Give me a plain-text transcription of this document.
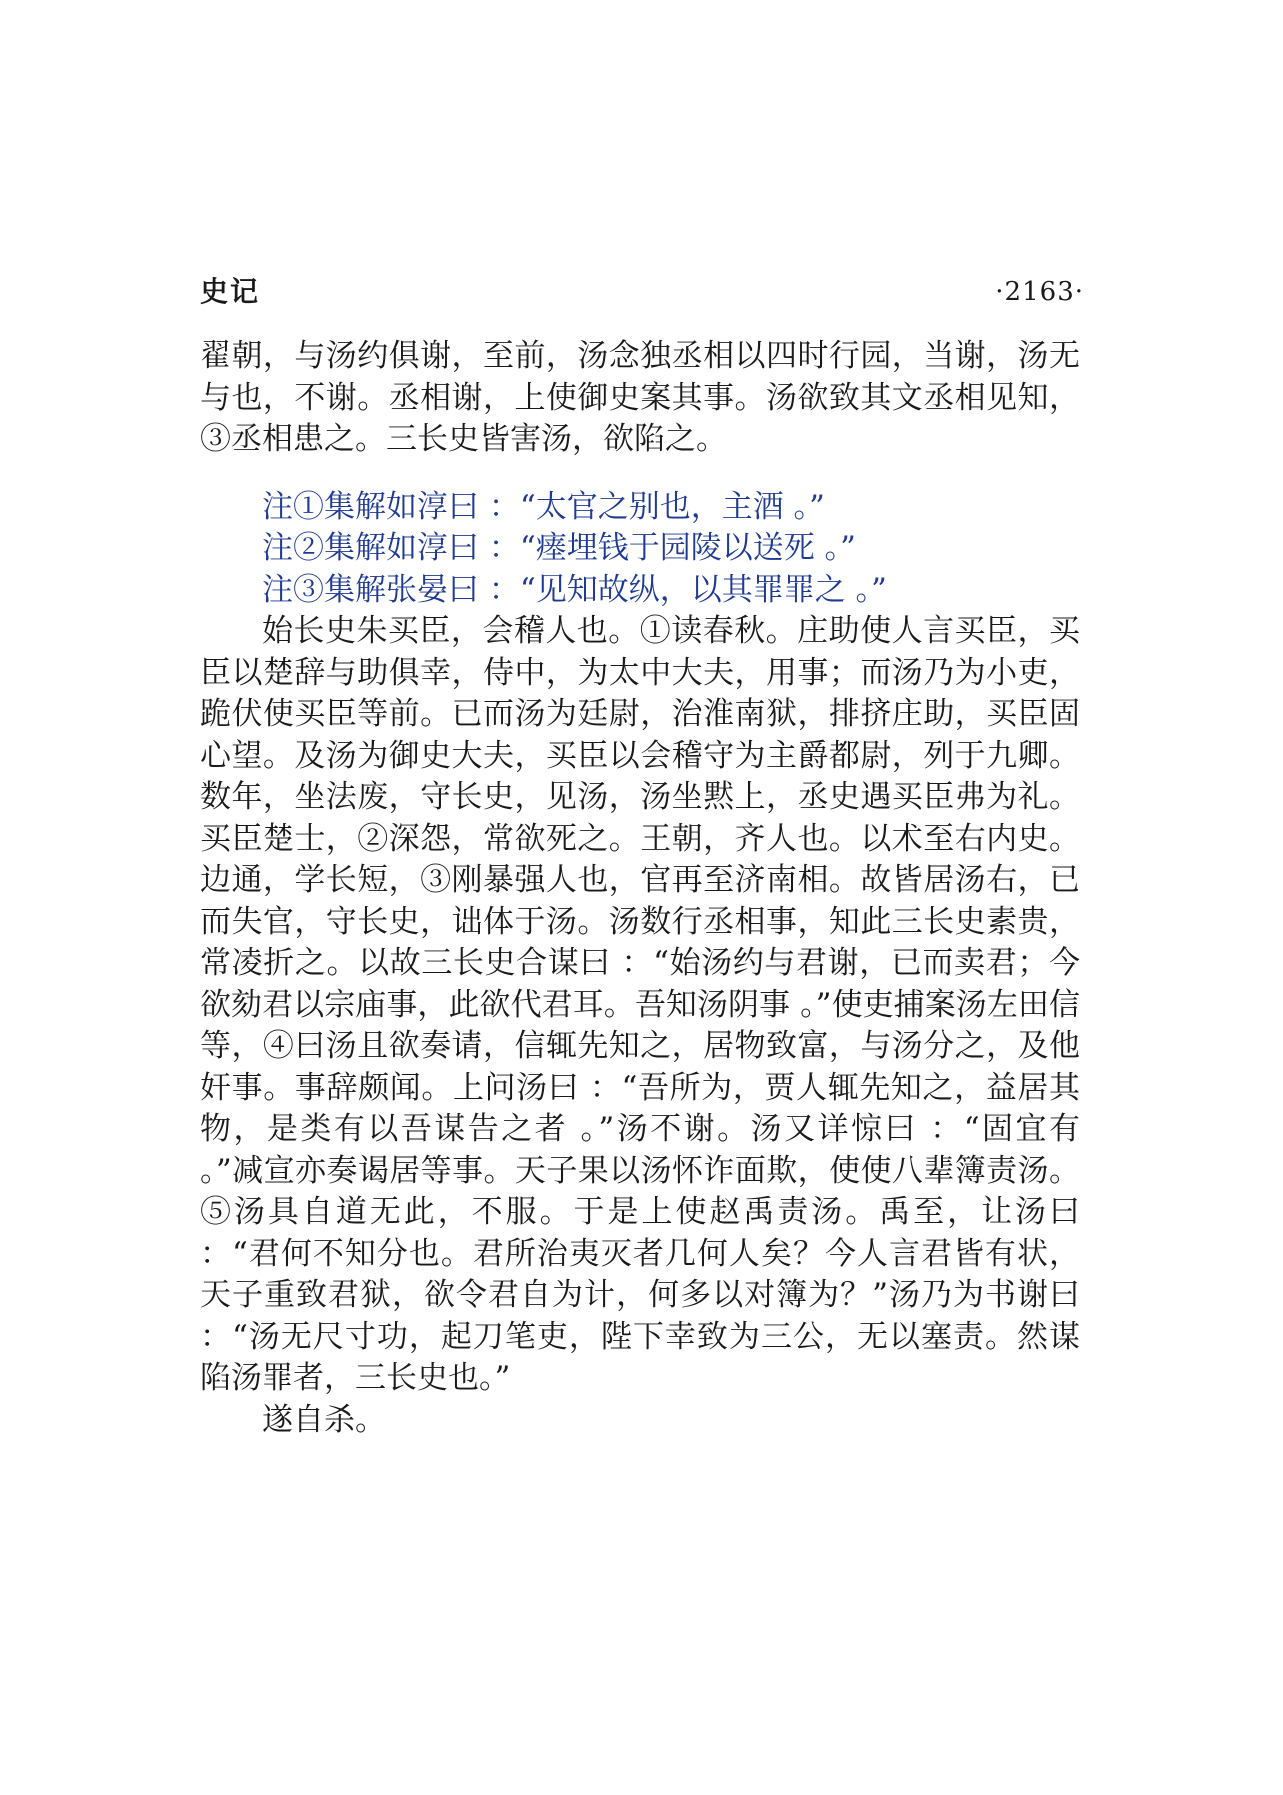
史记	·2163·

翟朝，与汤约俱谢，至前，汤念独丞相以四时行园，当谢，汤无与也，不谢。丞相谢，上使御史案其事。汤欲致其文丞相见知，③丞相患之。三长史皆害汤，欲陷之。

注①集解如淳曰 ：“太官之别也，主酒 。”
注②集解如淳曰 ：“瘗埋钱于园陵以送死 。”
注③集解张晏曰 ：“见知故纵，以其罪罪之 。”

始长史朱买臣，会稽人也。①读春秋。庄助使人言买臣，买臣以楚辞与助俱幸，侍中，为太中大夫，用事；而汤乃为小吏，跪伏使买臣等前。已而汤为廷尉，治淮南狱，排挤庄助，买臣固心望。及汤为御史大夫，买臣以会稽守为主爵都尉，列于九卿。数年，坐法废，守长史，见汤，汤坐黙上，丞史遇买臣弗为礼。买臣楚士，②深怨，常欲死之。王朝，齐人也。以术至右内史。边通，学长短，③刚暴强人也，官再至济南相。故皆居汤右，已而失官，守长史，诎体于汤。汤数行丞相事，知此三长史素贵，常凌折之。以故三长史合谋曰 ：“始汤约与君谢，已而卖君；今欲劾君以宗庙事，此欲代君耳。吾知汤阴事 。”使吏捕案汤左田信等，④曰汤且欲奏请，信辄先知之，居物致富，与汤分之，及他奸事。事辞颇闻。上问汤曰 ：“吾所为，贾人辄先知之，益居其物，是类有以吾谋告之者 。”汤不谢。汤又详惊曰 ：“固宜有 。”减宣亦奏谒居等事。天子果以汤怀诈面欺，使使八辈簿责汤。⑤汤具自道无此，不服。于是上使赵禹责汤。禹至，让汤曰 ：“君何不知分也。君所治夷灭者几何人矣？今人言君皆有状，天子重致君狱，欲令君自为计，何多以对簿为？”汤乃为书谢曰 ：“汤无尺寸功，起刀笔吏，陛下幸致为三公，无以塞责。然谋陷汤罪者，三长史也。”

遂自杀。
